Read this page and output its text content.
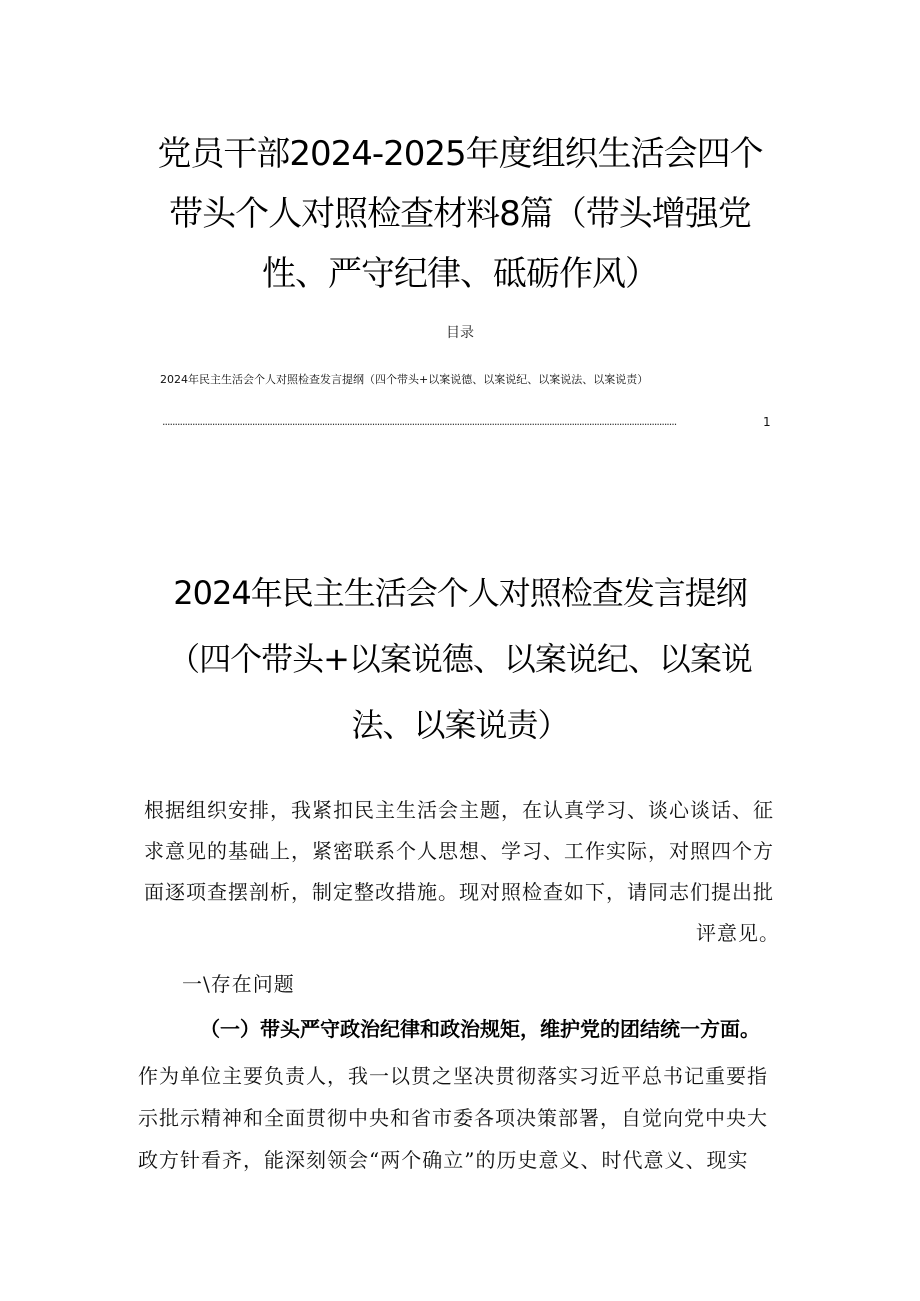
党员干部2024-2025年度组织生活会四个
带头个人对照检查材料8篇（带头增强党
性、严守纪律、砥砺作风）
目录
2024年民主生活会个人对照检查发言提纲（四个带头+以案说德、以案说纪、以案说法、以案说责）
..............................................................................................................................................................................................................	1
2024年民主生活会个人对照检查发言提纲
（四个带头+以案说德、以案说纪、以案说
法、以案说责）
根据组织安排，我紧扣民主生活会主题，在认真学习、谈心谈话、征
求意见的基础上，紧密联系个人思想、学习、工作实际，对照四个方
面逐项查摆剖析，制定整改措施。现对照检查如下，请同志们提出批
评意见。
一\存在问题
（一）带头严守政治纪律和政治规矩，维护党的团结统一方面。
作为单位主要负责人，我一以贯之坚决贯彻落实习近平总书记重要指
示批示精神和全面贯彻中央和省市委各项决策部署，自觉向党中央大
政方针看齐，能深刻领会“两个确立”的历史意义、时代意义、现实
